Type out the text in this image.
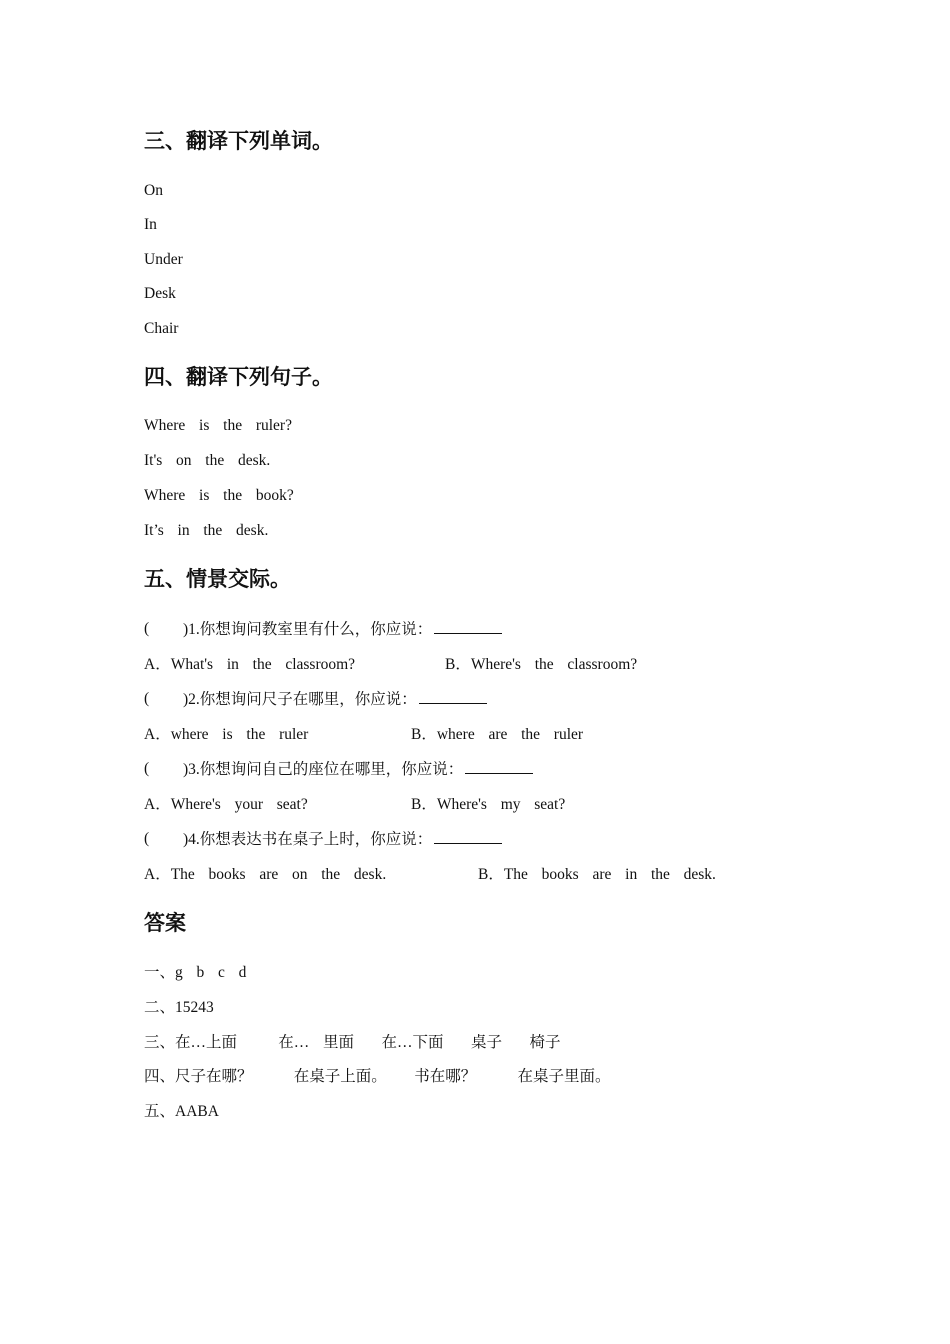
三、翻译下列单词。
On
In
Under
Desk
Chair
四、翻译下列句子。
Where  is  the  ruler?
It's  on  the  desk.
Where  is  the  book?
It’s  in  the  desk.
五、情景交际。
( )1.你想询问教室里有什么，你应说：
A．What's  in  the  classroom?	B．Where's  the  classroom?
( )2.你想询问尺子在哪里，你应说：
A．where  is  the  ruler	B．where  are  the  ruler
( )3.你想询问自己的座位在哪里，你应说：
A．Where's  your  seat?	B．Where's  my  seat?
( )4.你想表达书在桌子上时，你应说：
A．The  books  are  on  the  desk.	B．The  books  are  in  the  desk.
答案
一、g  b  c  d
二、15243
三、在…上面      在…  里面    在…下面    桌子    椅子
四、尺子在哪？      在桌子上面。    书在哪？      在桌子里面。
五、AABA
